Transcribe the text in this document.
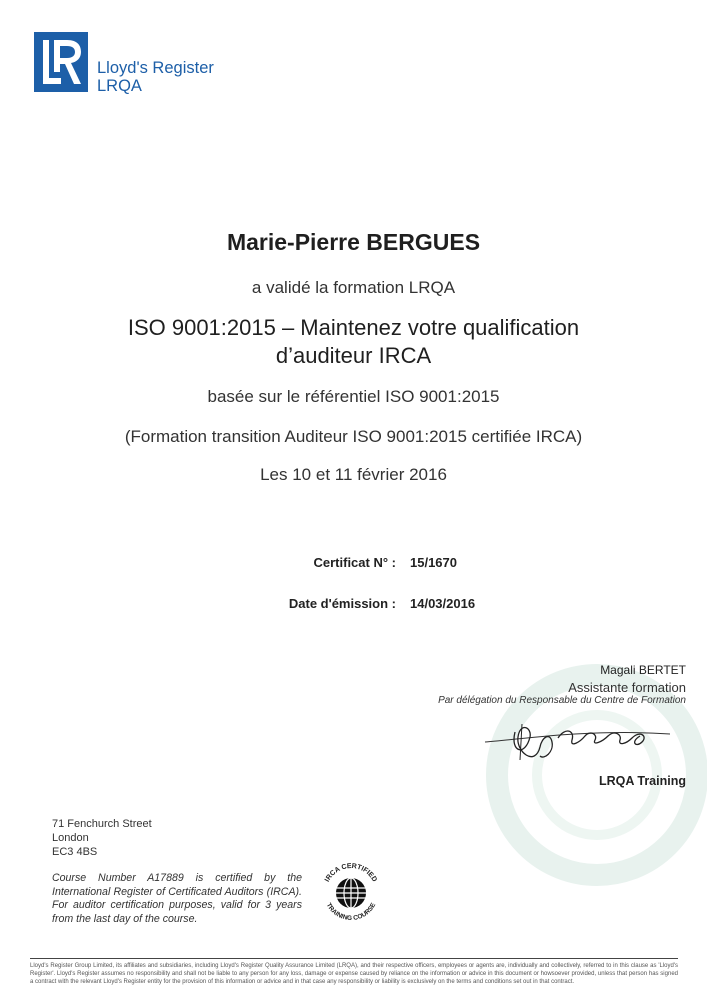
Lloyd's Register
LRQA
Marie-Pierre BERGUES
a validé la formation LRQA
ISO 9001:2015 – Maintenez votre qualification
d’auditeur IRCA
basée sur le référentiel ISO 9001:2015
(Formation transition Auditeur ISO 9001:2015 certifiée IRCA)
Les 10 et 11 février 2016
Certificat N° : 15/1670
Date d'émission : 14/03/2016
Magali BERTET
Assistante formation
Par délégation du Responsable du Centre de Formation
LRQA Training
71 Fenchurch Street
London
EC3 4BS
Course Number A17889 is certified by the International Register of Certificated Auditors (IRCA). For auditor certification purposes, valid for 3 years from the last day of the course.
IRCA CERTIFIED
TRAINING COURSE
Lloyd's Register Group Limited, its affiliates and subsidiaries, including Lloyd's Register Quality Assurance Limited (LRQA), and their respective officers, employees or agents are, individually and collectively, referred to in this clause as 'Lloyd's Register'. Lloyd's Register assumes no responsibility and shall not be liable to any person for any loss, damage or expense caused by reliance on the information or advice in this document or howsoever provided, unless that person has signed a contract with the relevant Lloyd's Register entity for the provision of this information or advice and in that case any responsibility or liability is exclusively on the terms and conditions set out in that contract.
